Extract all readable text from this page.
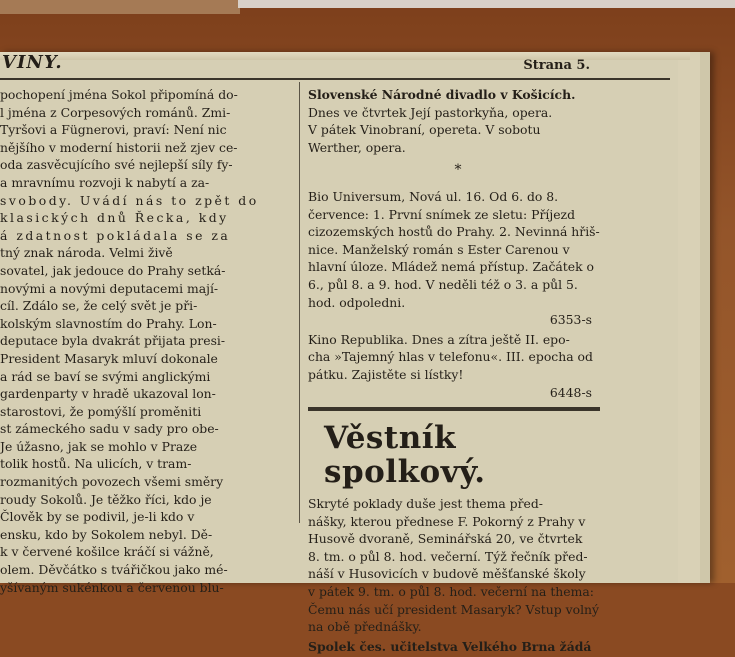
VINY.	Strana 5.
pochopení jména Sokol připomíná do-
l jména z Corpesových románů. Zmi-
Tyršovi a Fügnerovi, praví: Není nic
nějšího v moderní historii než zjev ce-
oda zasvěcujícího své nejlepší síly fy-
a mravnímu rozvoji k nabytí a za-
svobody. Uvádí nás to zpět do
klasických dnů Řecka, kdy
á zdatnost pokládala se za
tný znak národa. Velmi živě
sovatel, jak jedouce do Prahy setká-
novými a novými deputacemi mají-
cíl. Zdálo se, že celý svět je při-
kolským slavnostím do Prahy. Lon-
deputace byla dvakrát přijata presi-
President Masaryk mluví dokonale
a rád se baví se svými anglickými
gardenparty v hradě ukazoval lon-
starostovi, že pomýšlí proměniti
st zámeckého sadu v sady pro obe-
Je úžasno, jak se mohlo v Praze
tolik hostů. Na ulicích, v tram-
rozmanitých povozech všemi směry
roudy Sokolů. Je těžko říci, kdo je
Člověk by se podivil, je-li kdo v
ensku, kdo by Sokolem nebyl. Dě-
k v červené košilce kráčí si vážně,
olem. Děvčátko s tvářičkou jako mé-
yšívaným sukénkou a červenou blu-
Slovenské Národné divadlo v Košicích.
Dnes ve čtvrtek Její pastorkyňa, opera.
V pátek Vinobraní, opereta. V sobotu
Werther, opera.
*
Bio Universum, Nová ul. 16. Od 6. do 8.
července: 1. První snímek ze sletu: Příjezd
cizozemských hostů do Prahy. 2. Nevinná hřiš-
nice. Manželský román s Ester Carenou v
hlavní úloze. Mládež nemá přístup. Začátek o
6., půl 8. a 9. hod. V neděli též o 3. a půl 5.
hod. odpoledni.
6353-s
Kino Republika. Dnes a zítra ještě II. epo-
cha »Tajemný hlas v telefonu«. III. epocha od
pátku. Zajistěte si lístky!
6448-s
Věstník spolkový.
Skryté poklady duše jest thema před-
nášky, kterou přednese F. Pokorný z Prahy v
Husově dvoraně, Seminářská 20, ve čtvrtek
8. tm. o půl 8. hod. večerní. Týž řečník před-
náší v Husovicích v budově měšťanské školy
v pátek 9. tm. o půl 8. hod. večerní na thema:
Čemu nás učí president Masaryk? Vstup volný
na obě přednášky.
Spolek čes. učitelstva Velkého Brna žádá
